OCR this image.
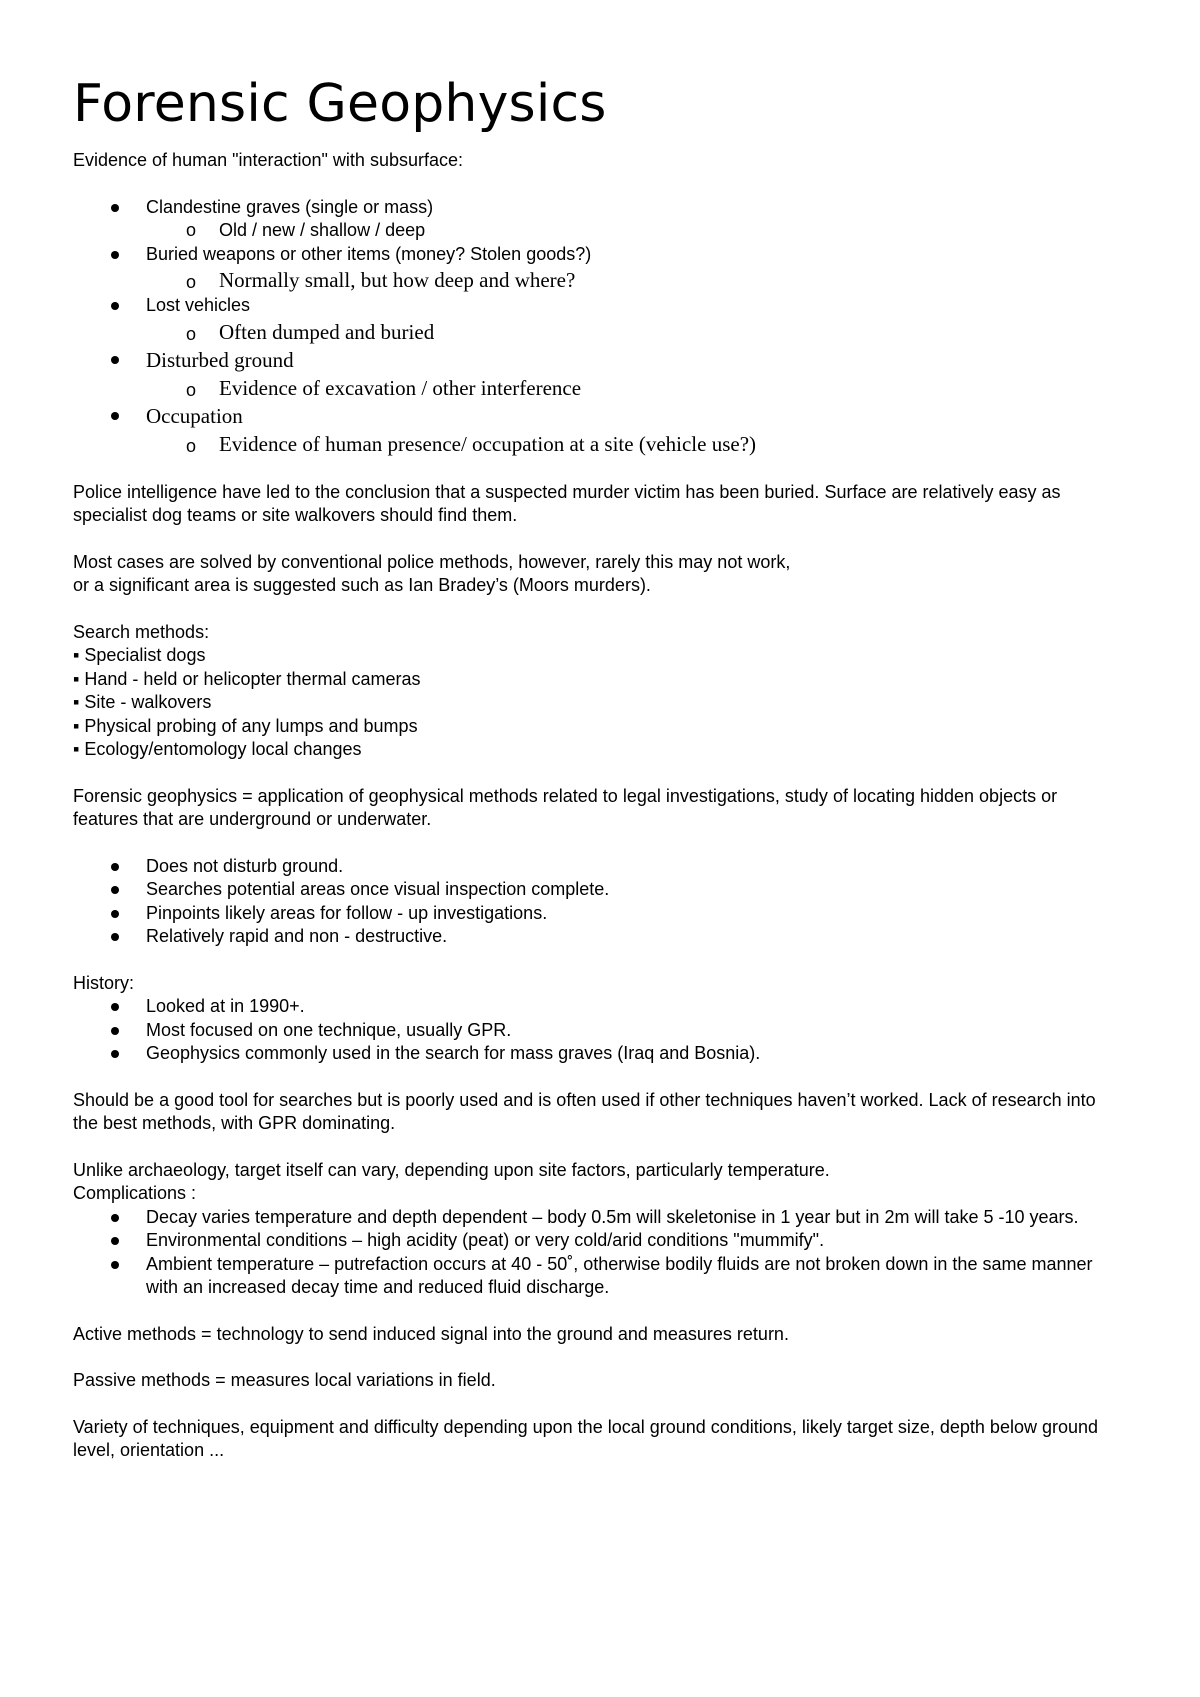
Forensic Geophysics

Evidence of human "interaction" with subsurface:

Clandestine graves (single or mass)
o Old / new / shallow / deep
Buried weapons or other items (money? Stolen goods?)
o Normally small, but how deep and where?
Lost vehicles
o Often dumped and buried
Disturbed ground
o Evidence of excavation / other interference
Occupation
o Evidence of human presence/ occupation at a site (vehicle use?)

Police intelligence have led to the conclusion that a suspected murder victim has been buried. Surface are relatively easy as specialist dog teams or site walkovers should find them.

Most cases are solved by conventional police methods, however, rarely this may not work,

or a significant area is suggested such as Ian Bradey’s (Moors murders).

Search methods:

▪ Specialist dogs

▪ Hand - held or helicopter thermal cameras

▪ Site - walkovers

▪ Physical probing of any lumps and bumps

▪ Ecology/entomology local changes

Forensic geophysics = application of geophysical methods related to legal investigations, study of locating hidden objects or features that are underground or underwater.

Does not disturb ground.
Searches potential areas once visual inspection complete.
Pinpoints likely areas for follow - up investigations.
Relatively rapid and non - destructive.

History:

Looked at in 1990+.
Most focused on one technique, usually GPR.
Geophysics commonly used in the search for mass graves (Iraq and Bosnia).

Should be a good tool for searches but is poorly used and is often used if other techniques haven’t worked. Lack of research into the best methods, with GPR dominating.

Unlike archaeology, target itself can vary, depending upon site factors, particularly temperature.

Complications :

Decay varies temperature and depth dependent – body 0.5m will skeletonise in 1 year but in 2m will take 5 -10 years.
Environmental conditions – high acidity (peat) or very cold/arid conditions "mummify".
Ambient temperature – putrefaction occurs at 40 - 50˚, otherwise bodily fluids are not broken down in the same manner with an increased decay time and reduced fluid discharge.

Active methods = technology to send induced signal into the ground and measures return.

Passive methods = measures local variations in field.

Variety of techniques, equipment and difficulty depending upon the local ground conditions, likely target size, depth below ground level, orientation ...
